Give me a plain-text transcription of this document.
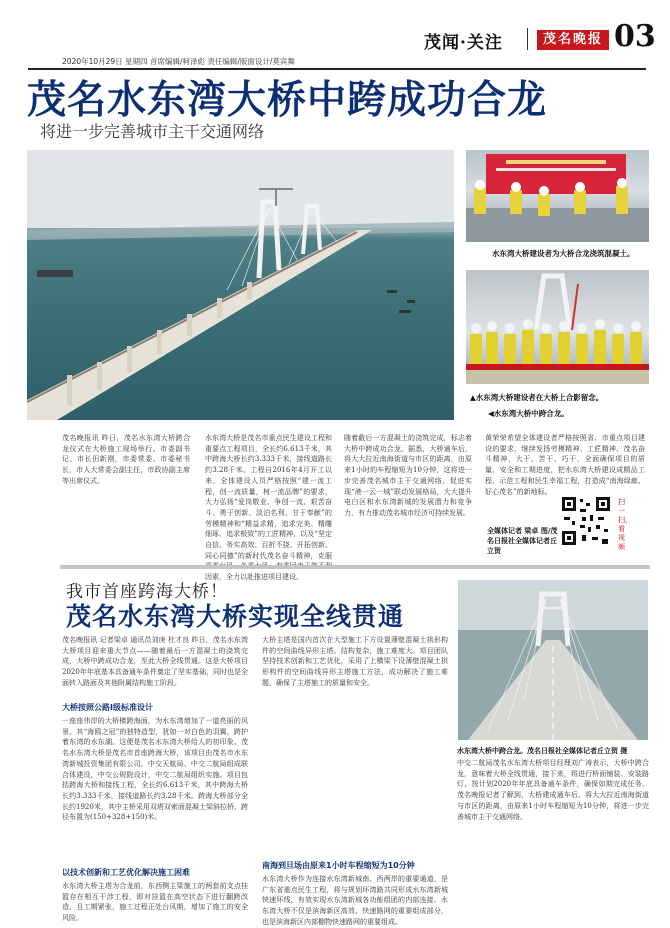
茂闻·关注	茂名晚报 03
2020年10月29日 星期四 首席编辑/柯泽彪 责任编辑/版面设计/莫宾舞
茂名水东湾大桥中跨成功合龙
将进一步完善城市主干交通网络
水东湾大桥建设者为大桥合龙浇筑混凝土。
▲水东湾大桥建设者在大桥上合影留念。
◀水东湾大桥中跨合龙。
茂名晚报讯 昨日，茂名水东湾大桥跨合龙仪式在大桥施工现场举行。市委副书记、市长田新刚，市委常委、市委秘书长，市人大常委会副主任，市政协副主席等出席仪式。
水东湾大桥是茂名市重点民生建设工程和重要点工程项目，全长约6.613千米，其中跨海大桥长约3.333千米，接线道路长约3.28千米。工程自2016年4月开工以来，全体建设人员严格按照“建一流工程，创一流质量，树一流品牌”的要求，大力弘扬“爱岗敬业、争创一流、艰苦奋斗、勇于创新、淡泊名利、甘于奉献”的劳模精神和“精益求精，追求完美、精雕细琢、追求极致”的工匠精神，以及“坚定自信、务实高效、百折不挠、开拓创新、同心同德”的新时代茂名奋斗精神，克服 因素，全力以赴推进项目建设。
随着截后一方混凝土的浇筑完成，标志着大桥中跨成功合龙。据悉，大桥通车后，将大大拉近南海街道与市区的距离，由原来1小时的车程缩短为10分钟，这将进一步完善茂名城市主干交通网络，促进实现“港一云一城”联动发展格局，大大提升电白区和水东湾新城的发展潜力和竞争力，有力推动茂名城市经济可持续发展。
黄荣荣希望全体建设者严格按照省、市重点项目建设的要求，继续发扬劳模精神、工匠精神、茂名奋斗精神，大干、苦干、巧干，全面确保项目的质量、安全和工期进度，把水东湾大桥建设成精品工程、示范工程和民生幸福工程，打造成“南海绿廊、好心茂名”的新地标。
扫一扫，看视频
全媒体记者 梁卓 图/茂名日报社全媒体记者丘立贺
我市首座跨海大桥！
茂名水东湾大桥实现全线贯通
水东湾大桥中跨合龙。茂名日报社全媒体记者丘立贺 摄
茂名晚报讯 记者梁卓 通讯员刘庚 杜才良 昨日，茂名水东湾大桥项目迎来重大节点——随着最后一方混凝土的浇筑完成，大桥中跨成功合龙，至此大桥全线贯通。这是大桥项目2020年年底基本具备通车条件奠定了坚实基础，同时也是全面转入路面及其他附属结构施工阶段。
大桥按照公路Ⅰ级标准设计
一座座伟岸的大桥横跨海面，为水东湾增加了一道亮丽的风景。其“海鸥之冠”的独特造型，犹如一对白色的羽翼，跨护着东湾的水东湖。这便是茂名水东湾大桥给人的初印象。茂名水东湾大桥是茂名市首座跨海大桥，该项目由茂名市水东湾新城投资集团有限公司、中交天航局、中交二航局组成联合体建设，中交公规院设计，中交二航局组织实施。项目包括跨海大桥和接线工程，全长约6.613千米，其中跨海大桥长约3.333千米，接线道路长约3.28千米。跨海大桥部分全长约1920米，其中主桥采用双塔双索面混凝土梁斜拉桥，跨径布置为(150+328+150)米。
以技术创新和工艺优化解决施工困难
水东湾大桥主塔为合龙前，东西侧主梁施工的两套前支点挂篮存在相互干涉工程，即对挂篮在高空状态下进行翻跨改造，且工期紧张，施工过程正处台风期，增加了施工的安全风险。
大桥主塔是国内首次在大型施工下方设置薄壁混凝土拱形构件的空间曲线异形主塔。结构复杂，施工难度大。项目团队坚持技术创新和工艺优化，采用了上横梁下设薄壁混凝土拱形构件的空间曲线异形主塔施工方法，成功解决了施工难题，确保了主塔施工的质量和安全。
南海到旦场由原来1小时车程缩短为10分钟
水东湾大桥作为连接水东湾新城南、西两岸的重要通道，是广东省重点民生工程，将与规划环湾路共同形成水东湾新城快速环线，有效实现水东湾新城各功能组团的内部连接。水东湾大桥不仅是滨海新区高效、快速路网的重要组成部分，也是滨海新区内部棚物快速路网的重要组成。
中交二航局茂名水东湾大桥项目经理刘广涛表示，大桥中跨合龙，意味着大桥全线贯通，接下来，将进行桥面铺装、安装路灯，按计划2020年年底具备通车条件，确保如期完成任务。茂名晚报记者了解到，大桥建成通车后，将大大拉近南海街道与市区的距离，由原来1小时车程缩短为10分钟，将进一步完善城市主干交通网络。
